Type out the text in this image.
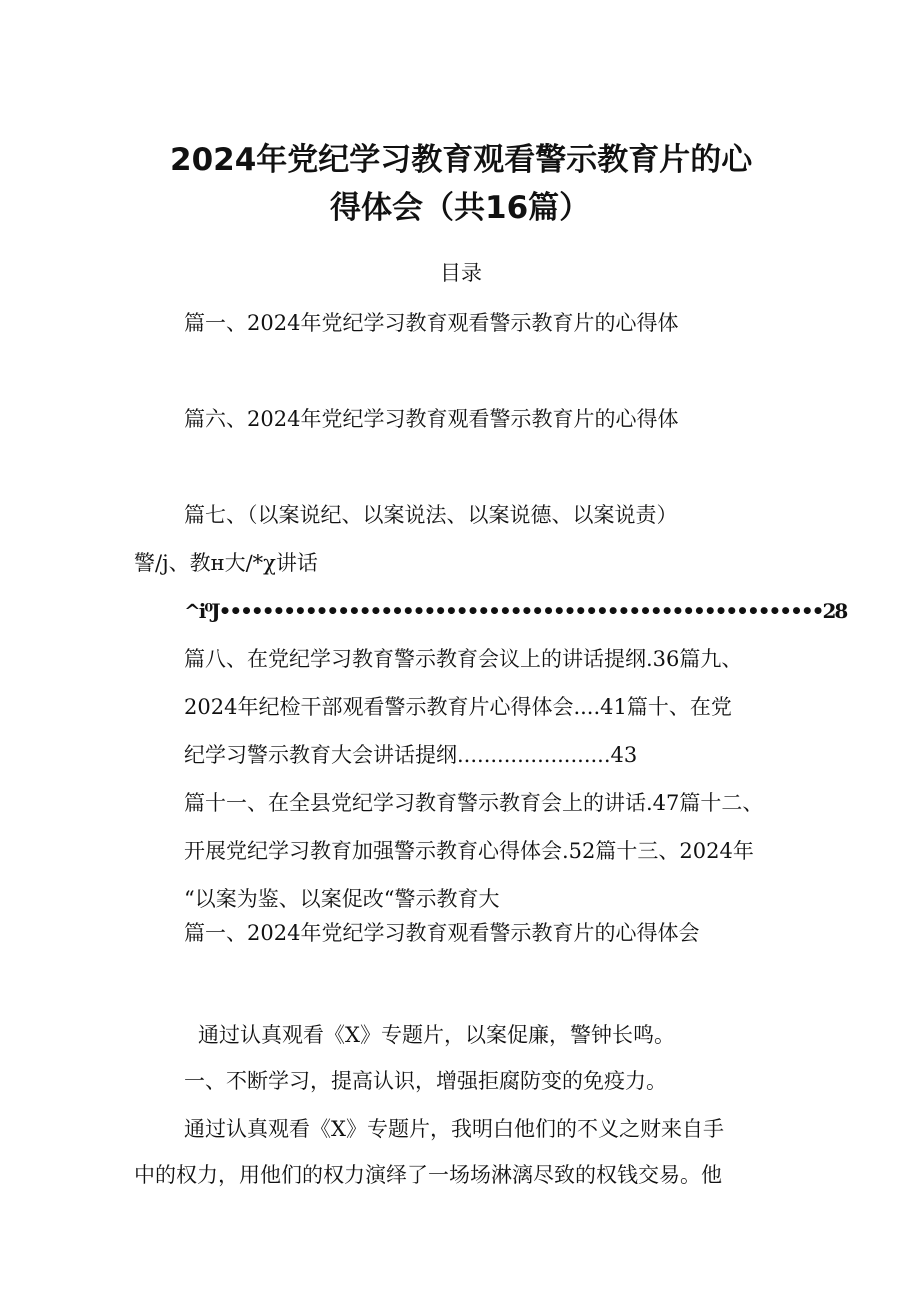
2024年党纪学习教育观看警示教育片的心
得体会（共16篇）
目录
篇一、2024年党纪学习教育观看警示教育片的心得体
篇六、2024年党纪学习教育观看警示教育片的心得体
篇七、（以案说纪、以案说法、以案说德、以案说责）
警/j、教ʜ大∕*χ讲话
^i⁰J••••••••••••••••••••••••••••••••••••••••••••••••••••••••28
篇八、在党纪学习教育警示教育会议上的讲话提纲.36篇九、
2024年纪检干部观看警示教育片心得体会....41篇十、在党
纪学习警示教育大会讲话提纲.......................43
篇十一、在全县党纪学习教育警示教育会上的讲话.47篇十二、
开展党纪学习教育加强警示教育心得体会.52篇十三、2024年
“以案为鉴、以案促改“警示教育大
篇一、2024年党纪学习教育观看警示教育片的心得体会
通过认真观看《X》专题片，以案促廉，警钟长鸣。
一、不断学习，提高认识，增强拒腐防变的免疫力。
通过认真观看《X》专题片，我明白他们的不义之财来自手
中的权力，用他们的权力演绎了一场场淋漓尽致的权钱交易。他
